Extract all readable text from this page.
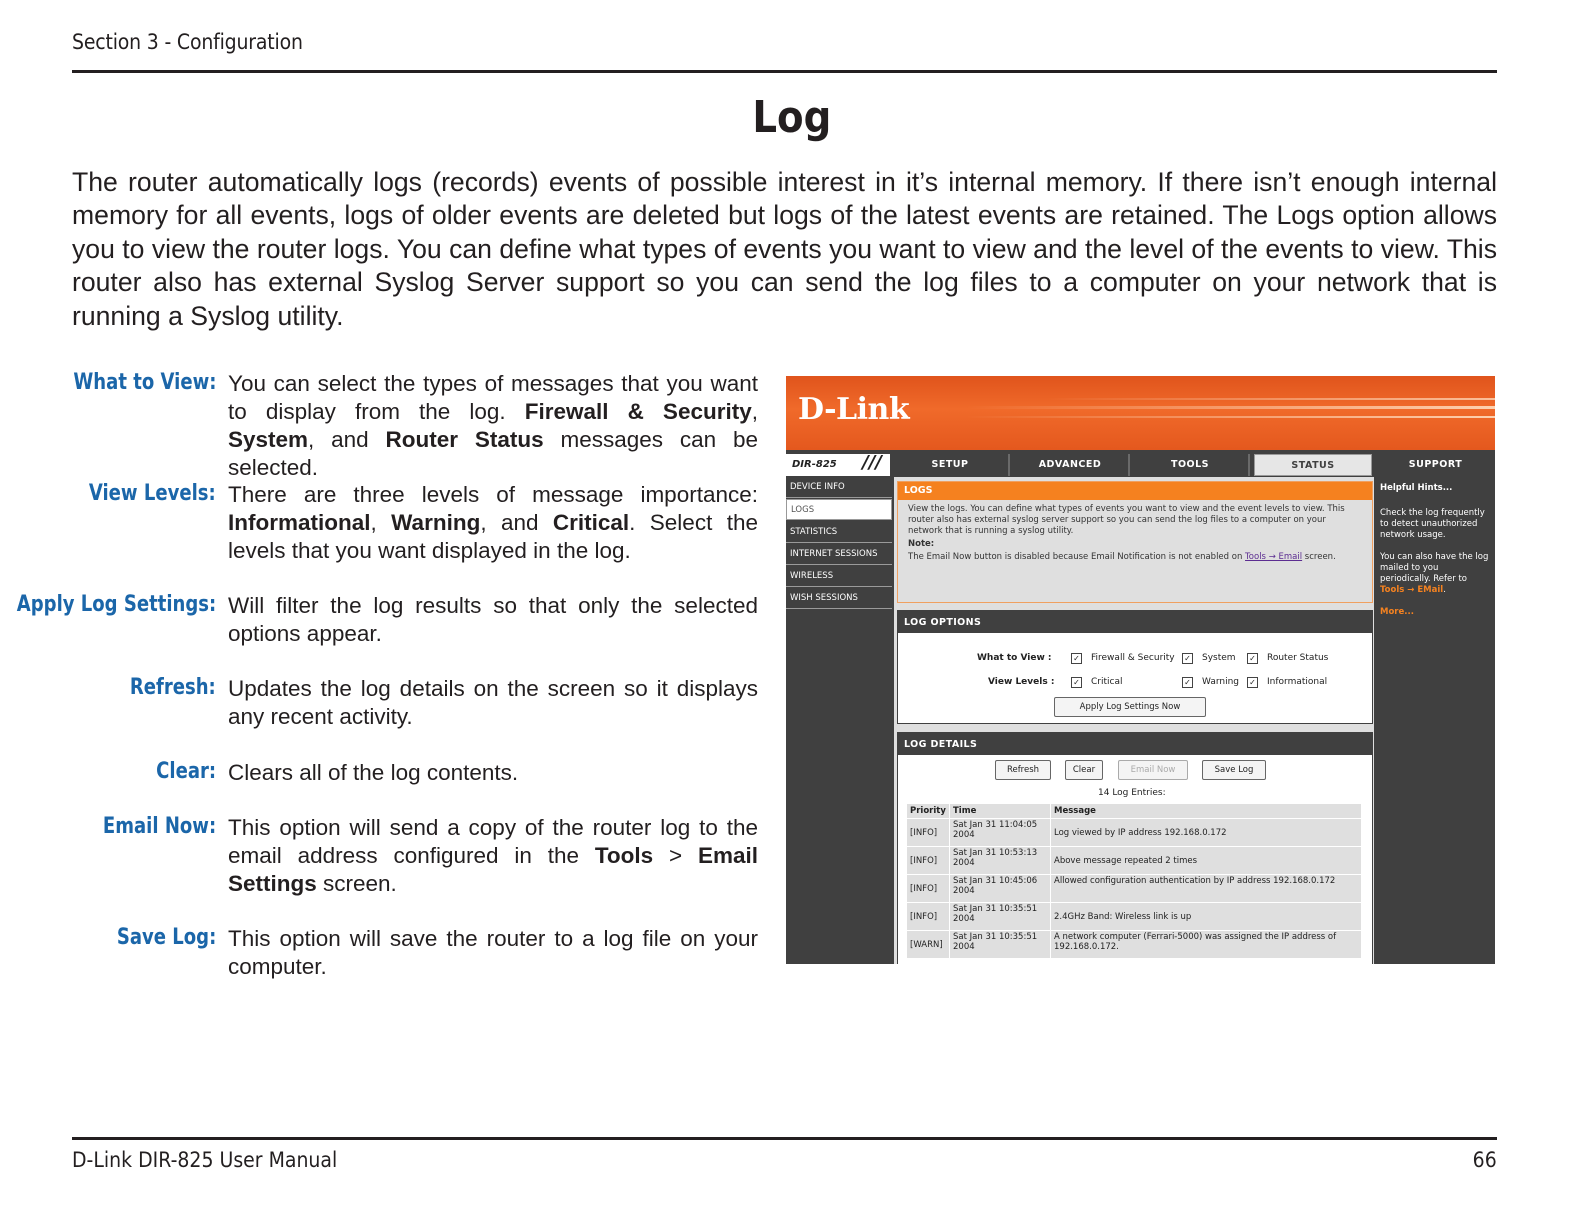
Section 3 - Configuration
Log

The router automatically logs (records) events of possible interest in it’s internal memory. If there isn’t enough internal memory for all events, logs of older events are deleted but logs of the latest events are retained. The Logs option allows you to view the router logs. You can define what types of events you want to view and the level of the events to view. This router also has external Syslog Server support so you can send the log files to a computer on your network that is running a Syslog utility.

What to View: You can select the types of messages that you want to display from the log. Firewall & Security, System, and Router Status messages can be selected.
View Levels: There are three levels of message importance: Informational, Warning, and Critical. Select the levels that you want displayed in the log.
Apply Log Settings: Will filter the log results so that only the selected options appear.
Refresh: Updates the log details on the screen so it displays any recent activity.
Clear: Clears all of the log contents.
Email Now: This option will send a copy of the router log to the email address configured in the Tools > Email Settings screen.
Save Log: This option will save the router to a log file on your computer.
D-Link
DIR-825 ///	SETUP	ADVANCED	TOOLS	STATUS	SUPPORT
DEVICE INFO
LOGS
STATISTICS
INTERNET SESSIONS
WIRELESS
WISH SESSIONS
LOGS
View the logs. You can define what types of events you want to view and the event levels to view. This router also has external syslog server support so you can send the log files to a computer on your network that is running a syslog utility.
Note:
The Email Now button is disabled because Email Notification is not enabled on Tools → Email screen.
LOG OPTIONS
What to View :	✓ Firewall & Security ✓ System ✓ Router Status
View Levels : ✓ Critical	✓ Warning ✓ Informational
Apply Log Settings Now
LOG DETAILS
Refresh	Clear	Email Now	Save Log
14 Log Entries:
Priority	Time	Message
[INFO]	Sat Jan 31 11:04:05 2004	Log viewed by IP address 192.168.0.172
[INFO]	Sat Jan 31 10:53:13 2004	Above message repeated 2 times
[INFO]	Sat Jan 31 10:45:06 2004	Allowed configuration authentication by IP address 192.168.0.172
[INFO]	Sat Jan 31 10:35:51 2004	2.4GHz Band: Wireless link is up
[WARN]	Sat Jan 31 10:35:51 2004	A network computer (Ferrari-5000) was assigned the IP address of 192.168.0.172.
Helpful Hints...

Check the log frequently to detect unauthorized network usage.

You can also have the log mailed to you periodically. Refer to Tools → EMail.

More...
D-Link DIR-825 User Manual	66
